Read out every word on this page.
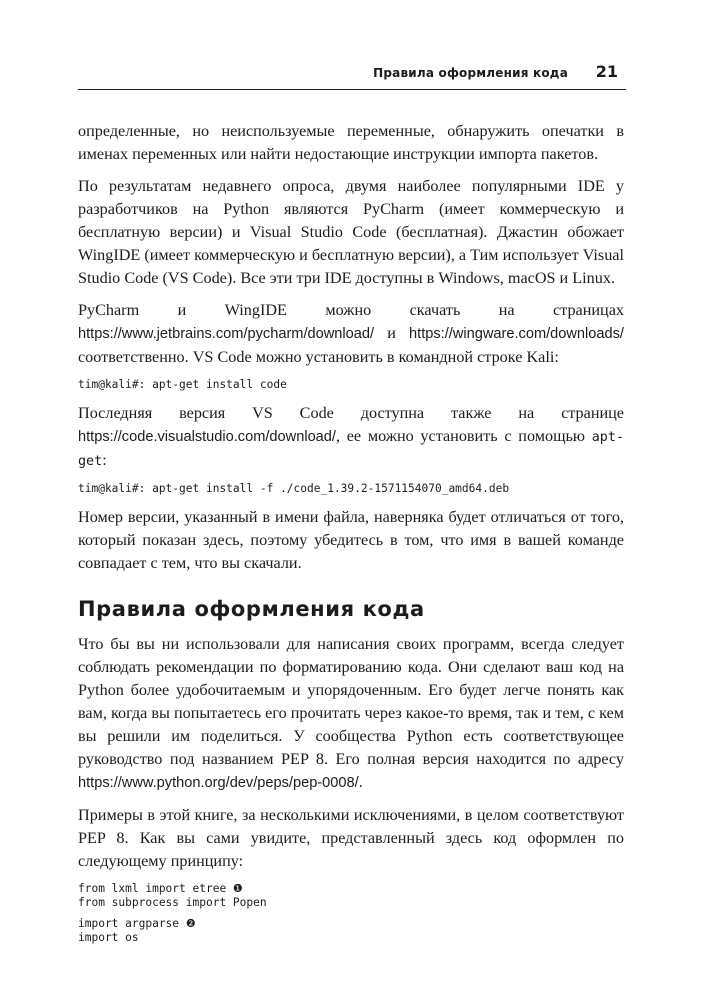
Правила оформления кода 21

определенные, но неиспользуемые переменные, обнаружить опечатки в именах переменных или найти недостающие инструкции импорта пакетов.

По результатам недавнего опроса, двумя наиболее популярными IDE у разработчиков на Python являются PyCharm (имеет коммерческую и бесплатную версии) и Visual Studio Code (бесплатная). Джастин обожает WingIDE (имеет коммерческую и бесплатную версии), а Тим использует Visual Studio Code (VS Code). Все эти три IDE доступны в Windows, macOS и Linux.

PyCharm и WingIDE можно скачать на страницах https://www.jetbrains.com/pycharm/download/ и https://wingware.com/downloads/ соответственно. VS Code можно установить в командной строке Kali:

tim@kali#: apt-get install code

Последняя версия VS Code доступна также на странице https://code.visualstudio.com/download/, ее можно установить с помощью apt-get:

tim@kali#: apt-get install -f ./code_1.39.2-1571154070_amd64.deb

Номер версии, указанный в имени файла, наверняка будет отличаться от того, который показан здесь, поэтому убедитесь в том, что имя в вашей команде совпадает с тем, что вы скачали.

Правила оформления кода

Что бы вы ни использовали для написания своих программ, всегда следует соблюдать рекомендации по форматированию кода. Они сделают ваш код на Python более удобочитаемым и упорядоченным. Его будет легче понять как вам, когда вы попытаетесь его прочитать через какое-то время, так и тем, с кем вы решили им поделиться. У сообщества Python есть соответствующее руководство под названием PEP 8. Его полная версия находится по адресу https://www.python.org/dev/peps/pep-0008/.

Примеры в этой книге, за несколькими исключениями, в целом соответствуют PEP 8. Как вы сами увидите, представленный здесь код оформлен по следующему принципу:

from lxml import etree ❶
from subprocess import Popen
import argparse ❷
import os
